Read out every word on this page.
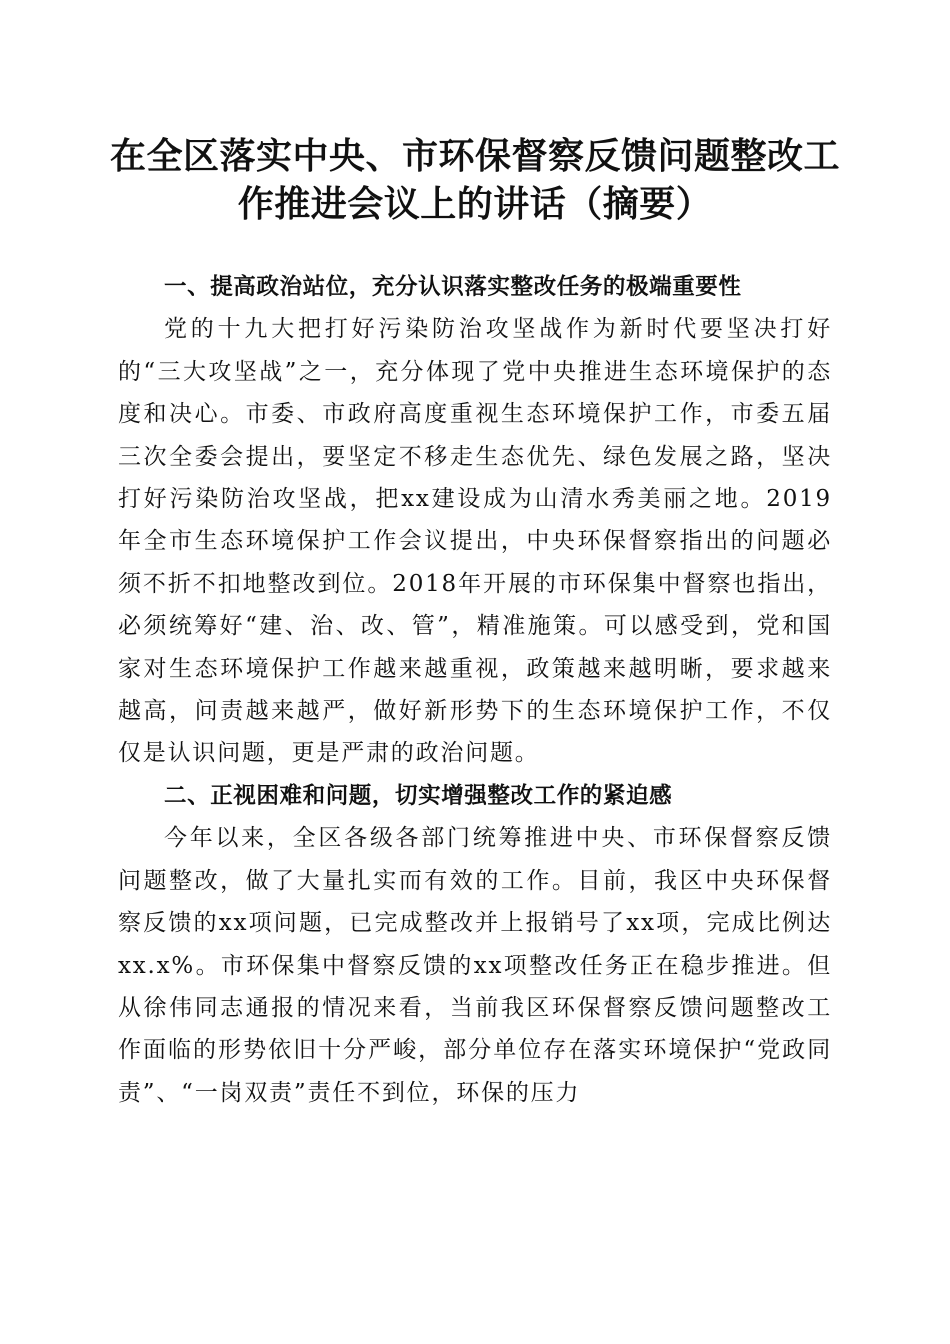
在全区落实中央、市环保督察反馈问题整改工
作推进会议上的讲话（摘要）
一、提高政治站位，充分认识落实整改任务的极端重要性

党的十九大把打好污染防治攻坚战作为新时代要坚决打好的“三大攻坚战”之一，充分体现了党中央推进生态环境保护的态度和决心。市委、市政府高度重视生态环境保护工作，市委五届三次全委会提出，要坚定不移走生态优先、绿色发展之路，坚决打好污染防治攻坚战，把xx建设成为山清水秀美丽之地。2019年全市生态环境保护工作会议提出，中央环保督察指出的问题必须不折不扣地整改到位。2018年开展的市环保集中督察也指出，必须统筹好“建、治、改、管”，精准施策。可以感受到，党和国家对生态环境保护工作越来越重视，政策越来越明晰，要求越来越高，问责越来越严，做好新形势下的生态环境保护工作，不仅仅是认识问题，更是严肃的政治问题。

二、正视困难和问题，切实增强整改工作的紧迫感

今年以来，全区各级各部门统筹推进中央、市环保督察反馈问题整改，做了大量扎实而有效的工作。目前，我区中央环保督察反馈的xx项问题，已完成整改并上报销号了xx项，完成比例达xx.x%。市环保集中督察反馈的xx项整改任务正在稳步推进。但从徐伟同志通报的情况来看，当前我区环保督察反馈问题整改工作面临的形势依旧十分严峻，部分单位存在落实环境保护“党政同责”、“一岗双责”责任不到位，环保的压力
